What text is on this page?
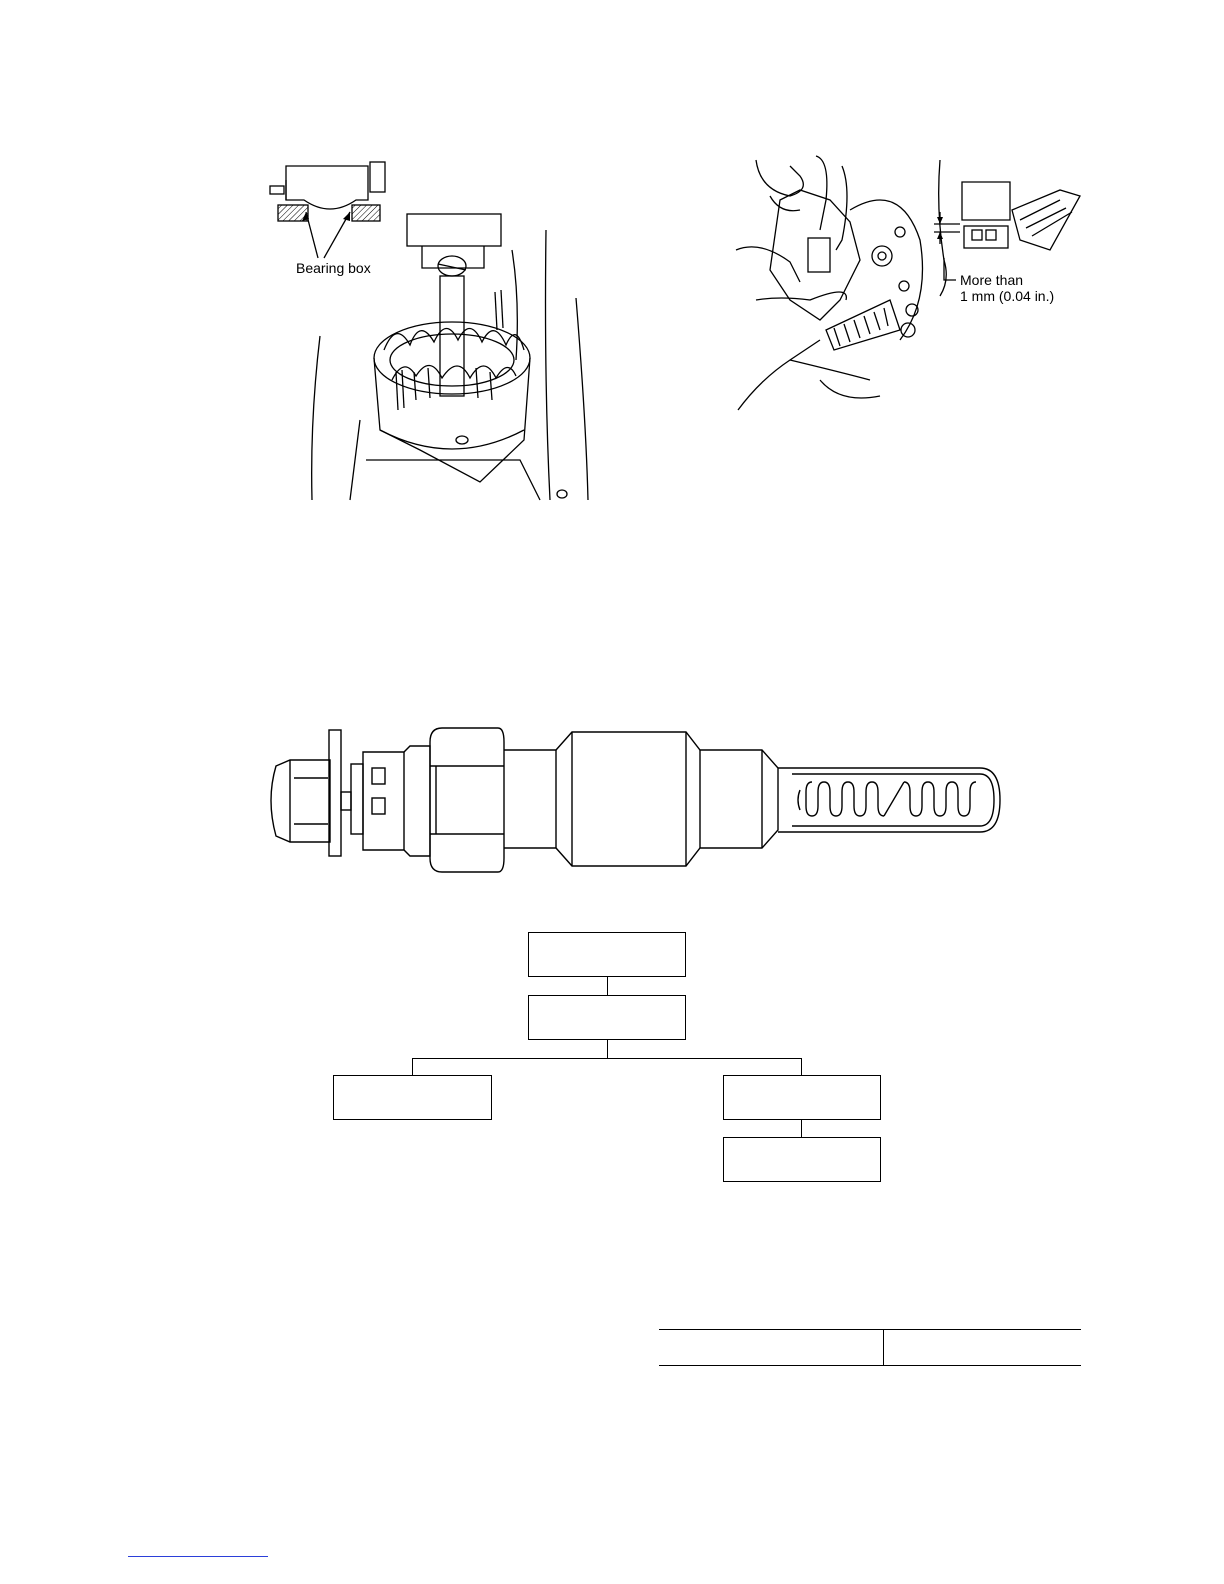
Bearing box
More than
1 mm (0.04 in.)
